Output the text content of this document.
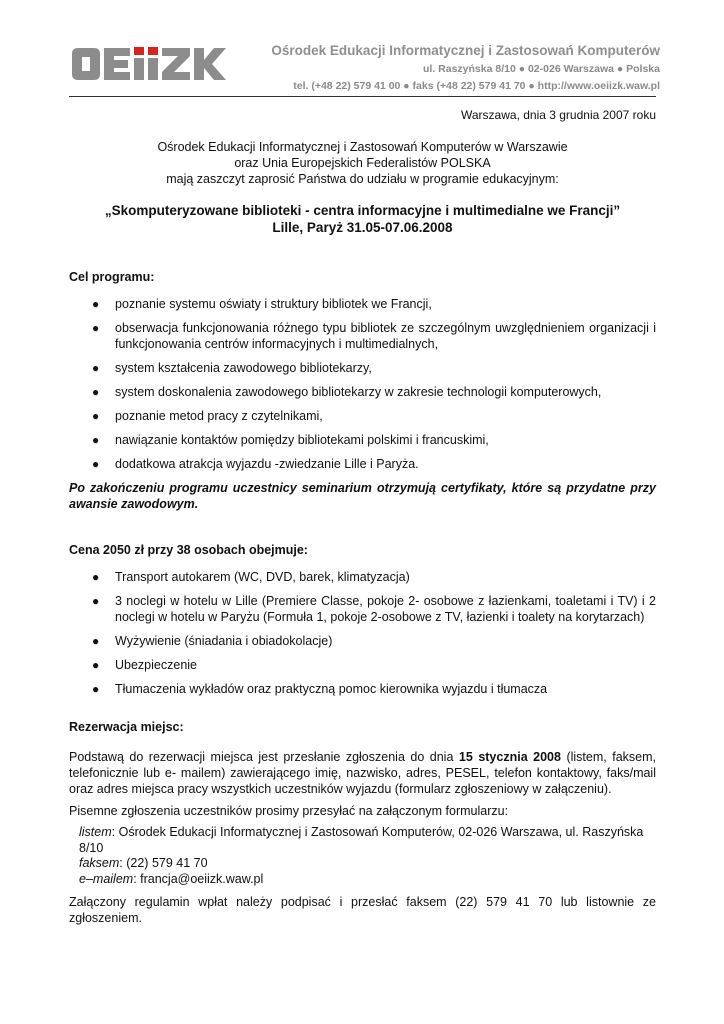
OEiiZK	Ośrodek Edukacji Informatycznej i Zastosowań Komputerów
ul. Raszyńska 8/10 ● 02-026 Warszawa ● Polska
tel. (+48 22) 579 41 00 ● faks (+48 22) 579 41 70 ● http://www.oeiizk.waw.pl
Warszawa, dnia 3 grudnia 2007 roku
Ośrodek Edukacji Informatycznej i Zastosowań Komputerów w Warszawie
oraz Unia Europejskich Federalistów POLSKA
mają zaszczyt zaprosić Państwa do udziału w programie edukacyjnym:
„Skomputeryzowane biblioteki - centra informacyjne i multimedialne we Francji”
Lille, Paryż 31.05-07.06.2008
Cel programu:
● poznanie systemu oświaty i struktury bibliotek we Francji,
● obserwacja funkcjonowania różnego typu bibliotek ze szczególnym uwzględnieniem organizacji i funkcjonowania centrów informacyjnych i multimedialnych,
● system kształcenia zawodowego bibliotekarzy,
● system doskonalenia zawodowego bibliotekarzy w zakresie technologii komputerowych,
● poznanie metod pracy z czytelnikami,
● nawiązanie kontaktów pomiędzy bibliotekami polskimi i francuskimi,
● dodatkowa atrakcja wyjazdu -zwiedzanie Lille i Paryża.
Po zakończeniu programu uczestnicy seminarium otrzymują certyfikaty, które są przydatne przy awansie zawodowym.
Cena 2050 zł przy 38 osobach obejmuje:
● Transport autokarem (WC, DVD, barek, klimatyzacja)
● 3 noclegi w hotelu w Lille (Premiere Classe, pokoje 2- osobowe z łazienkami, toaletami i TV) i 2 noclegi w hotelu w Paryżu (Formuła 1, pokoje 2-osobowe z TV, łazienki i toalety na korytarzach)
● Wyżywienie (śniadania i obiadokolacje)
● Ubezpieczenie
● Tłumaczenia wykładów oraz praktyczną pomoc kierownika wyjazdu i tłumacza
Rezerwacja miejsc:

Podstawą do rezerwacji miejsca jest przesłanie zgłoszenia do dnia 15 stycznia 2008 (listem, faksem, telefonicznie lub e- mailem) zawierającego imię, nazwisko, adres, PESEL, telefon kontaktowy, faks/mail oraz adres miejsca pracy wszystkich uczestników wyjazdu (formularz zgłoszeniowy w załączeniu).

Pisemne zgłoszenia uczestników prosimy przesyłać na załączonym formularzu:

listem: Ośrodek Edukacji Informatycznej i Zastosowań Komputerów, 02-026 Warszawa, ul. Raszyńska 8/10
faksem: (22) 579 41 70
e–mailem: francja@oeiizk.waw.pl

Załączony regulamin wpłat należy podpisać i przesłać faksem (22) 579 41 70 lub listownie ze zgłoszeniem.
